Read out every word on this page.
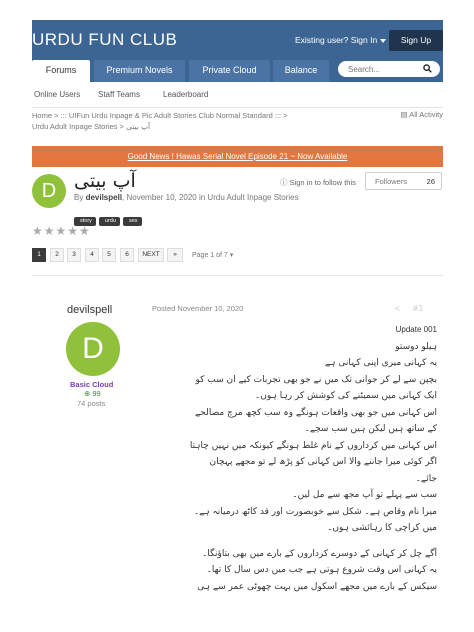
URDU FUN CLUB	Existing user? Sign In	Sign Up
Forums	Premium Novels	Private Cloud	Balance
Search...
Online Users Staff Teams	Leaderboard
Home > ::: UIFun Urdu Inpage & Pic Adult Stories Club Normal Standard ::: >
Urdu Adult Inpage Stories > آپ بیتی
▤ All Activity
Good News ! Hawas Serial Novel Episode 21 ~ Now Available
D آپ بیتی
By devilspell, November 10, 2020 in Urdu Adult Inpage Stories
story urdu sex
ⓘ Sign in to follow this	Followers	26
★★★★★
1	2	3	4	5	6	NEXT	»	Page 1 of 7 ▾
devilspell
D
Basic Cloud
⊕ 99
74 posts
Posted November 10, 2020	< #1
Update 001
ہیلو دوستو
یہ کہانی میری اپنی کہانی ہے
بچپن سے لے کر جوانی تک میں نے جو بھی تجربات کیے ان سب کو
ایک کہانی میں سمیٹنے کی کوشش کر رہا ہوں۔
اس کہانی میں جو بھی واقعات ہونگے وہ سب کچھ مرچ مصالحے
کے ساتھ ہیں لیکن ہیں سب سچے۔
اس کہانی میں کرداروں کے نام غلط ہونگے کیونکہ میں نہیں چاہتا
اگر کوئی میرا جاننے والا اس کہانی کو پڑھ لے تو مجھے پہچان
جائے۔
سب سے پہلے تو آپ مجھ سے مل لیں۔
میرا نام وقاص ہے۔ شکل سے خوبصورت اور قد کاٹھ درمیانہ ہے۔
میں کراچی کا رہائشی ہوں۔
آگے چل کر کہانی کے دوسرے کرداروں کے بارے میں بھی بتاؤنگا۔
یہ کہانی اس وقت شروع ہوتی ہے جب میں دس سال کا تھا۔
سیکس کے بارے میں مجھے اسکول میں بہت چھوٹی عمر سے ہی
